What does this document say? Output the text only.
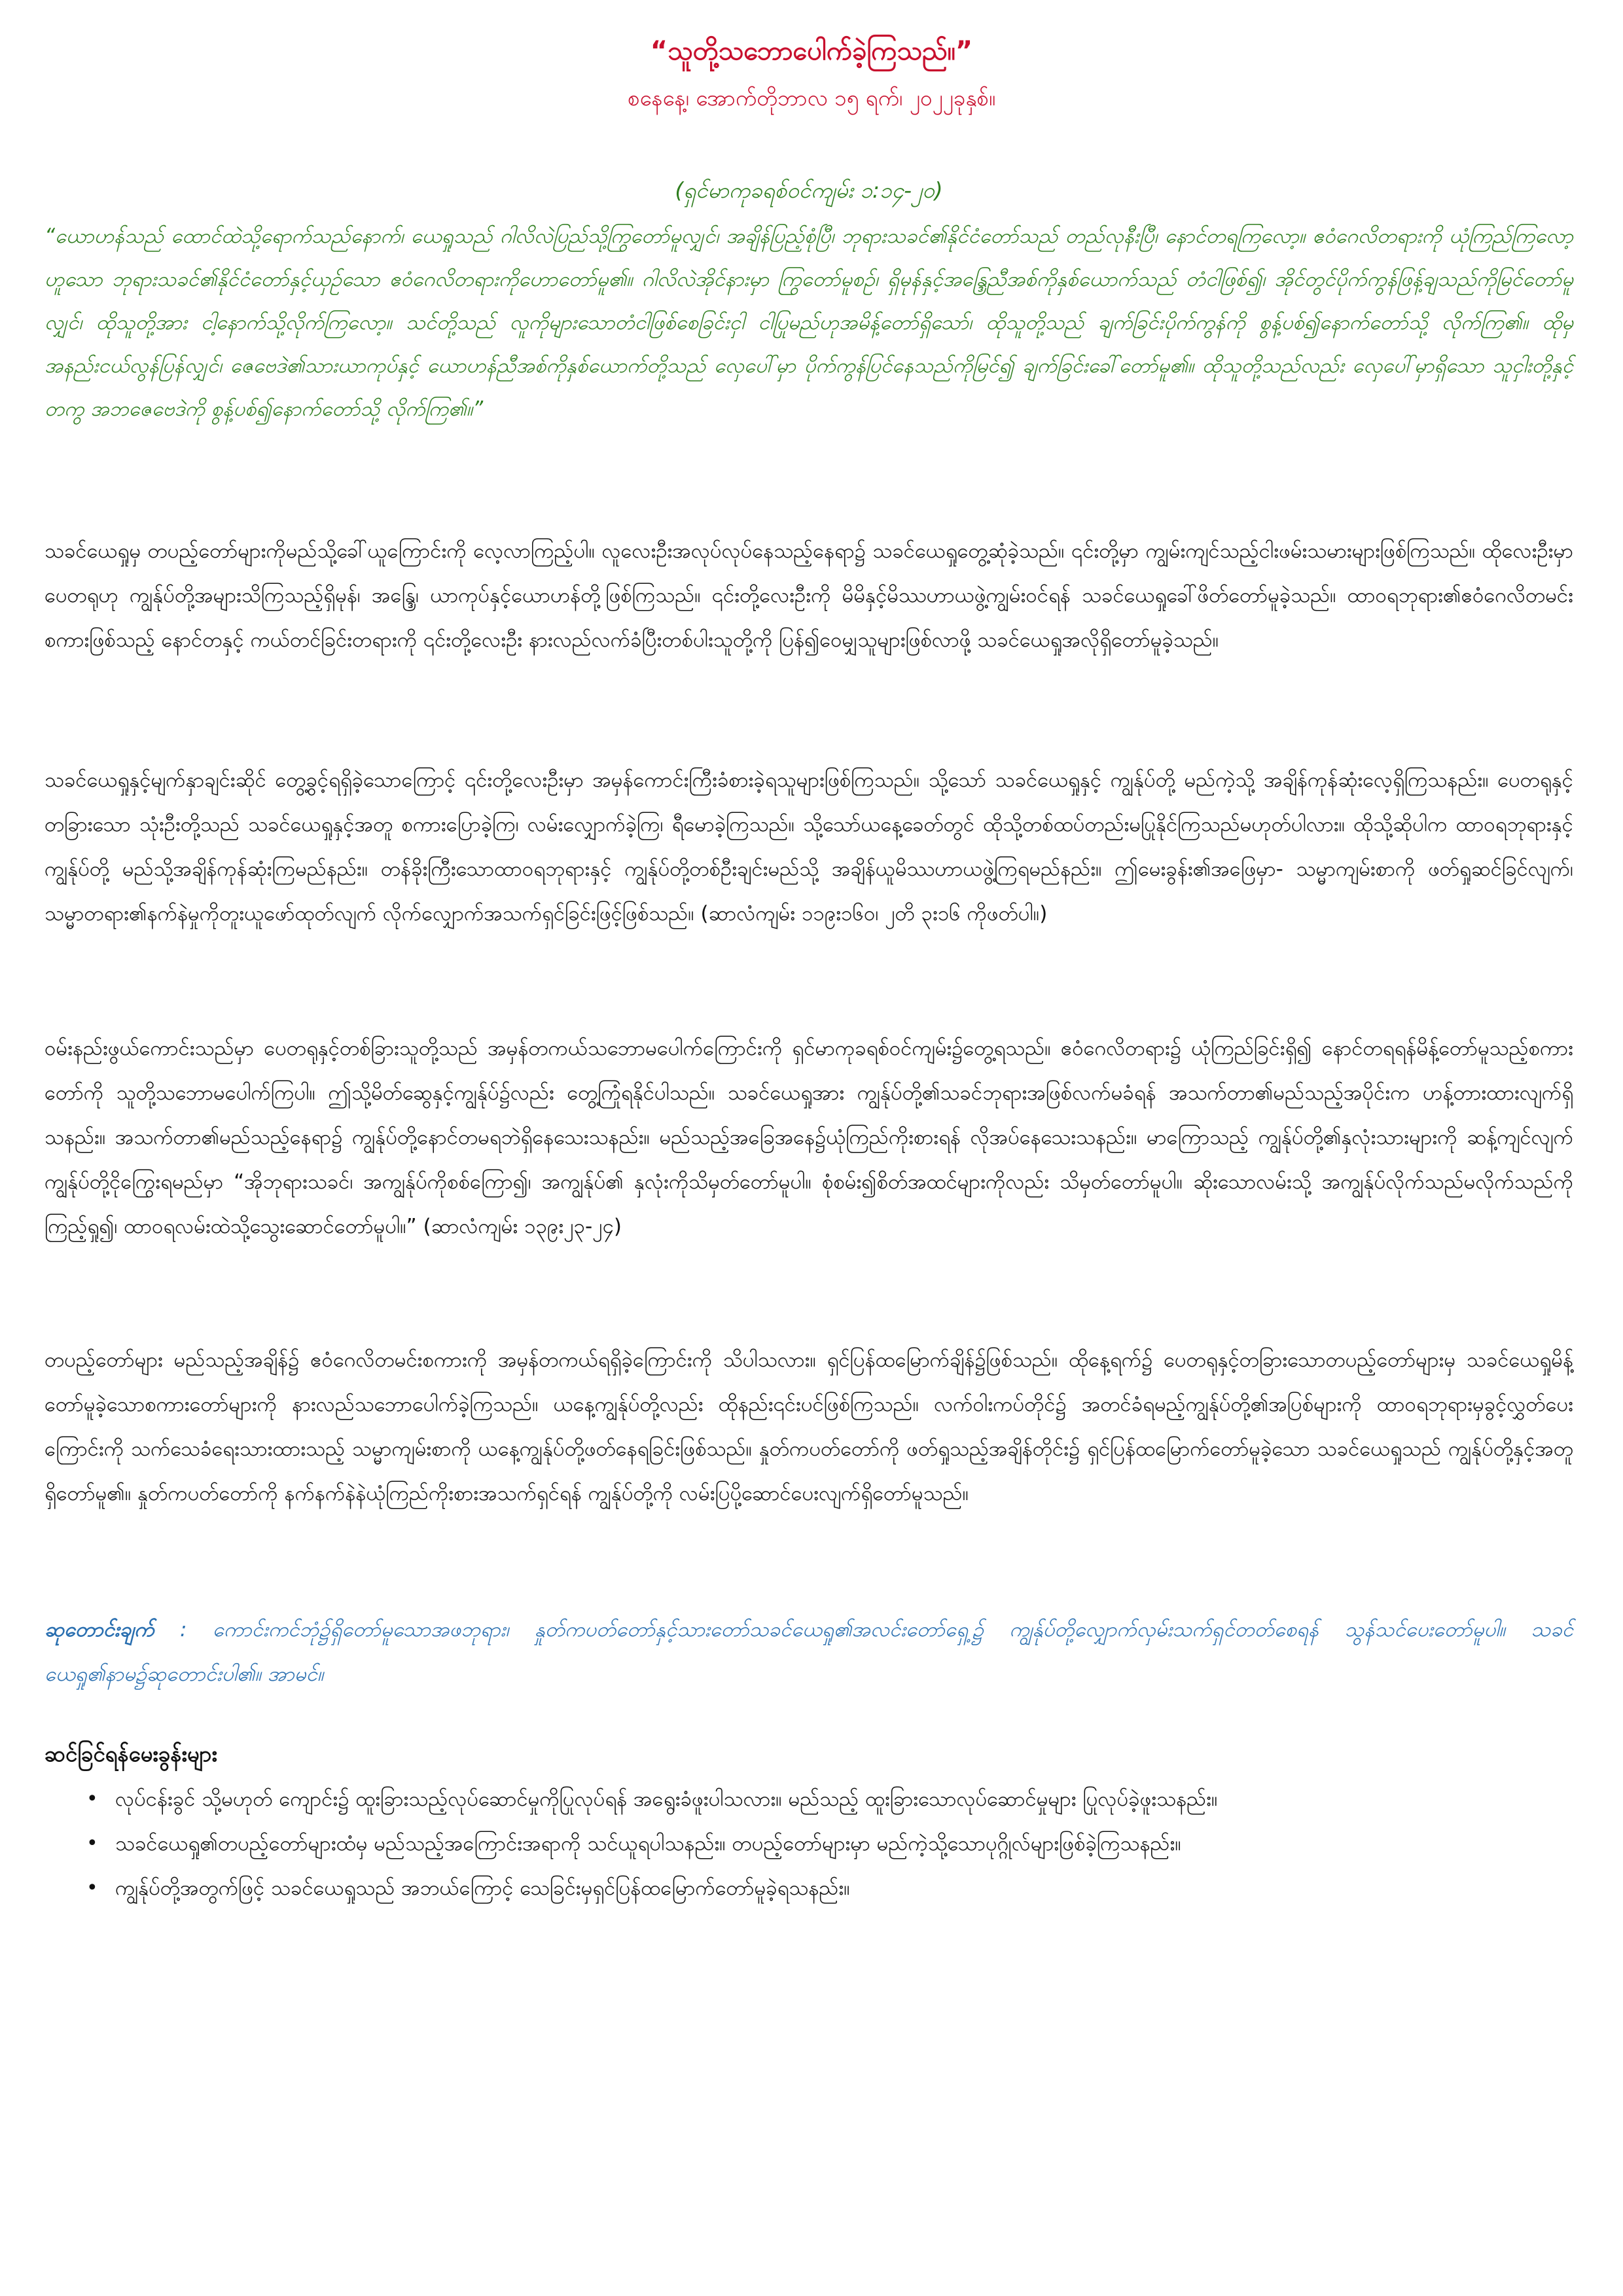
“သူတို့သဘောပေါက်ခဲ့ကြသည်။”
စနေနေ့၊ အောက်တိုဘာလ ၁၅ ရက်၊ ၂၀၂၂ခုနှစ်။
(ရှင်မာကုခရစ်ဝင်ကျမ်း ၁:၁၄-၂၀)
“ယောဟန်သည် ထောင်ထဲသို့ရောက်သည်နောက်၊ ယေရှုသည် ဂါလိလဲပြည်သို့ကြွတော်မူလျှင်၊ အချိန်ပြည့်စုံပြီ၊ ဘုရားသခင်၏နိုင်ငံတော်သည် တည်လုနီးပြီ၊ နောင်တရကြလော့။ ဧဝံဂေလိတရားကို ယုံကြည်ကြလော့ဟူသော ဘုရားသခင်၏နိုင်ငံတော်နှင့်ယှဉ်သော ဧဝံဂေလိတရားကိုဟောတော်မူ၏။ ဂါလိလဲအိုင်နားမှာ ကြွတော်မူစဉ်၊ ရှိမုန်နှင့်အန္ဒြေညီအစ်ကိုနှစ်ယောက်သည် တံငါဖြစ်၍၊ အိုင်တွင်ပိုက်ကွန်ဖြန့်ချသည်ကိုမြင်တော်မူလျှင်၊ ထိုသူတို့အား ငါ့နောက်သို့လိုက်ကြလော့။ သင်တို့သည် လူကိုများသောတံငါဖြစ်စေခြင်းငှါ ငါပြုမည်ဟုအမိန့်တော်ရှိသော်၊ ထိုသူတို့သည် ချက်ခြင်းပိုက်ကွန်ကို စွန့်ပစ်၍နောက်တော်သို့ လိုက်ကြ၏။ ထိုမှအနည်းငယ်လွန်ပြန်လျှင်၊ ဇေဗေဒဲ၏သားယာကုပ်နှင့် ယောဟန်ညီအစ်ကိုနှစ်ယောက်တို့သည် လှေပေါ်မှာ ပိုက်ကွန်ပြင်နေသည်ကိုမြင်၍ ချက်ခြင်းခေါ်တော်မူ၏။ ထိုသူတို့သည်လည်း လှေပေါ်မှာရှိသော သူငှါးတို့နှင့်တကွ အဘဇေဗေဒဲကို စွန့်ပစ်၍နောက်တော်သို့ လိုက်ကြ၏။”
သခင်ယေရှုမှ တပည့်တော်များကိုမည်သို့ခေါ်ယူကြောင်းကို လေ့လာကြည့်ပါ။ လူလေးဦးအလုပ်လုပ်နေသည့်နေရာ၌ သခင်ယေရှုတွေ့ဆုံခဲ့သည်။ ၎င်းတို့မှာ ကျွမ်းကျင်သည့်ငါးဖမ်းသမားများဖြစ်ကြသည်။ ထိုလေးဦးမှာ ပေတရုဟု ကျွန်ုပ်တို့အများသိကြသည့်ရှိမုန်၊ အန္ဒြေ၊ ယာကုပ်နှင့်ယောဟန်တို့ဖြစ်ကြသည်။ ၎င်းတို့လေးဦးကို မိမိနှင့်မိဿဟာယဖွဲ့ကျွမ်းဝင်ရန် သခင်ယေရှုခေါ်ဖိတ်တော်မူခဲ့သည်။ ထာဝရဘုရား၏ဧဝံဂေလိတမင်းစကားဖြစ်သည့် နောင်တနှင့် ကယ်တင်ခြင်းတရားကို ၎င်းတို့လေးဦး နားလည်လက်ခံပြီးတစ်ပါးသူတို့ကို ပြန်၍ဝေမျှသူများဖြစ်လာဖို့ သခင်ယေရှုအလိုရှိတော်မူခဲ့သည်။
သခင်ယေရှုနှင့်မျက်နှာချင်းဆိုင် တွေ့ခွင့်ရရှိခဲ့သောကြောင့် ၎င်းတို့လေးဦးမှာ အမှန်ကောင်းကြီးခံစားခဲ့ရသူများဖြစ်ကြသည်။ သို့သော် သခင်ယေရှုနှင့် ကျွန်ုပ်တို့ မည်ကဲ့သို့ အချိန်ကုန်ဆုံးလေ့ရှိကြသနည်း။ ပေတရုနှင့်တခြားသော သုံးဦးတို့သည် သခင်ယေရှုနှင့်အတူ စကားပြောခဲ့ကြ၊ လမ်းလျှောက်ခဲ့ကြ၊ ရီမောခဲ့ကြသည်။ သို့သော်ယနေ့ခေတ်တွင် ထိုသို့တစ်ထပ်တည်းမပြုနိုင်ကြသည်မဟုတ်ပါလား။ ထိုသို့ဆိုပါက ထာဝရဘုရားနှင့် ကျွန်ုပ်တို့ မည်သို့အချိန်ကုန်ဆုံးကြမည်နည်း။ တန်ခိုးကြီးသောထာဝရဘုရားနှင့် ကျွန်ုပ်တို့တစ်ဦးချင်းမည်သို့ အချိန်ယူမိဿဟာယဖွဲ့ကြရမည်နည်း။ ဤမေးခွန်း၏အဖြေမှာ- သမ္မာကျမ်းစာကို ဖတ်ရှုဆင်ခြင်လျက်၊ သမ္မာတရား၏နက်နဲမှုကိုတူးယူဖော်ထုတ်လျက် လိုက်လျှောက်အသက်ရှင်ခြင်းဖြင့်ဖြစ်သည်။ (ဆာလံကျမ်း ၁၁၉း၁၆၀၊ ၂တိ ၃း၁၆ ကိုဖတ်ပါ။)
ဝမ်းနည်းဖွယ်ကောင်းသည်မှာ ပေတရုနှင့်တစ်ခြားသူတို့သည် အမှန်တကယ်သဘောမပေါက်ကြောင်းကို ရှင်မာကုခရစ်ဝင်ကျမ်း၌တွေ့ရသည်။ ဧဝံဂေလိတရား၌ ယုံကြည်ခြင်းရှိ၍ နောင်တရရန်မိန့်တော်မူသည့်စကားတော်ကို သူတို့သဘောမပေါက်ကြပါ။ ဤသို့မိတ်ဆွေနှင့်ကျွန်ုပ်၌လည်း တွေ့ကြုံရနိုင်ပါသည်။ သခင်ယေရှုအား ကျွန်ုပ်တို့၏သခင်ဘုရားအဖြစ်လက်မခံရန် အသက်တာ၏မည်သည့်အပိုင်းက ဟန့်တားထားလျက်ရှိသနည်း။ အသက်တာ၏မည်သည့်နေရာ၌ ကျွန်ုပ်တို့နောင်တမရဘဲရှိနေသေးသနည်း။ မည်သည့်အခြေအနေ၌ယုံကြည်ကိုးစားရန် လိုအပ်နေသေးသနည်း။ မာကြောသည့် ကျွန်ုပ်တို့၏နှလုံးသားများကို ဆန့်ကျင်လျက် ကျွန်ုပ်တို့ငိုကြွေးရမည်မှာ “အိုဘုရားသခင်၊ အကျွန်ုပ်ကိုစစ်ကြော၍၊ အကျွန်ုပ်၏ နှလုံးကိုသိမှတ်တော်မူပါ။ စုံစမ်း၍စိတ်အထင်များကိုလည်း သိမှတ်တော်မူပါ။ ဆိုးသောလမ်းသို့ အကျွန်ုပ်လိုက်သည်မလိုက်သည်ကိုကြည့်ရှု၍၊ ထာဝရလမ်းထဲသို့သွေးဆောင်တော်မူပါ။” (ဆာလံကျမ်း ၁၃၉း၂၃-၂၄)
တပည့်တော်များ မည်သည့်အချိန်၌ ဧဝံဂေလိတမင်းစကားကို အမှန်တကယ်ရရှိခဲ့ကြောင်းကို သိပါသလား။ ရှင်ပြန်ထမြောက်ချိန်၌ဖြစ်သည်။ ထိုနေ့ရက်၌ ပေတရုနှင့်တခြားသောတပည့်တော်များမှ သခင်ယေရှုမိန့်တော်မူခဲ့သောစကားတော်များကို နားလည်သဘောပေါက်ခဲ့ကြသည်။ ယနေ့ကျွန်ုပ်တို့လည်း ထိုနည်း၎င်းပင်ဖြစ်ကြသည်။ လက်ဝါးကပ်တိုင်၌ အတင်ခံရမည့်ကျွန်ုပ်တို့၏အပြစ်များကို ထာဝရဘုရားမှခွင့်လွှတ်ပေးကြောင်းကို သက်သေခံရေးသားထားသည့် သမ္မာကျမ်းစာကို ယနေ့ကျွန်ုပ်တို့ဖတ်နေရခြင်းဖြစ်သည်။ နှုတ်ကပတ်တော်ကို ဖတ်ရှုသည့်အချိန်တိုင်း၌ ရှင်ပြန်ထမြောက်တော်မူခဲ့သော သခင်ယေရှုသည် ကျွန်ုပ်တို့နှင့်အတူရှိတော်မူ၏။ နှုတ်ကပတ်တော်ကို နက်နက်နဲနဲယုံကြည်ကိုးစားအသက်ရှင်ရန် ကျွန်ုပ်တို့ကို လမ်းပြပို့ဆောင်ပေးလျက်ရှိတော်မူသည်။
ဆုတောင်းချက် : ကောင်းကင်ဘုံ၌ရှိတော်မူသောအဖဘုရား၊ နှုတ်ကပတ်တော်နှင့်သားတော်သခင်ယေရှု၏အလင်းတော်ရှေ့၌ ကျွန်ုပ်တို့လျှောက်လှမ်းသက်ရှင်တတ်စေရန် သွန်သင်ပေးတော်မူပါ။ သခင်ယေရှု၏နာမ၌ဆုတောင်းပါ၏။ အာမင်။
ဆင်ခြင်ရန်မေးခွန်းများ
• လုပ်ငန်းခွင် သို့မဟုတ် ကျောင်း၌ ထူးခြားသည့်လုပ်ဆောင်မှုကိုပြုလုပ်ရန် အရွေးခံဖူးပါသလား။ မည်သည့် ထူးခြားသောလုပ်ဆောင်မှုများ ပြုလုပ်ခဲ့ဖူးသနည်း။
• သခင်ယေရှု၏တပည့်တော်များထံမှ မည်သည့်အကြောင်းအရာကို သင်ယူရပါသနည်း။ တပည့်တော်များမှာ မည်ကဲ့သို့သောပုဂ္ဂိုလ်များဖြစ်ခဲ့ကြသနည်း။
• ကျွန်ုပ်တို့အတွက်ဖြင့် သခင်ယေရှုသည် အဘယ်ကြောင့် သေခြင်းမှရှင်ပြန်ထမြောက်တော်မူခဲ့ရသနည်း။
